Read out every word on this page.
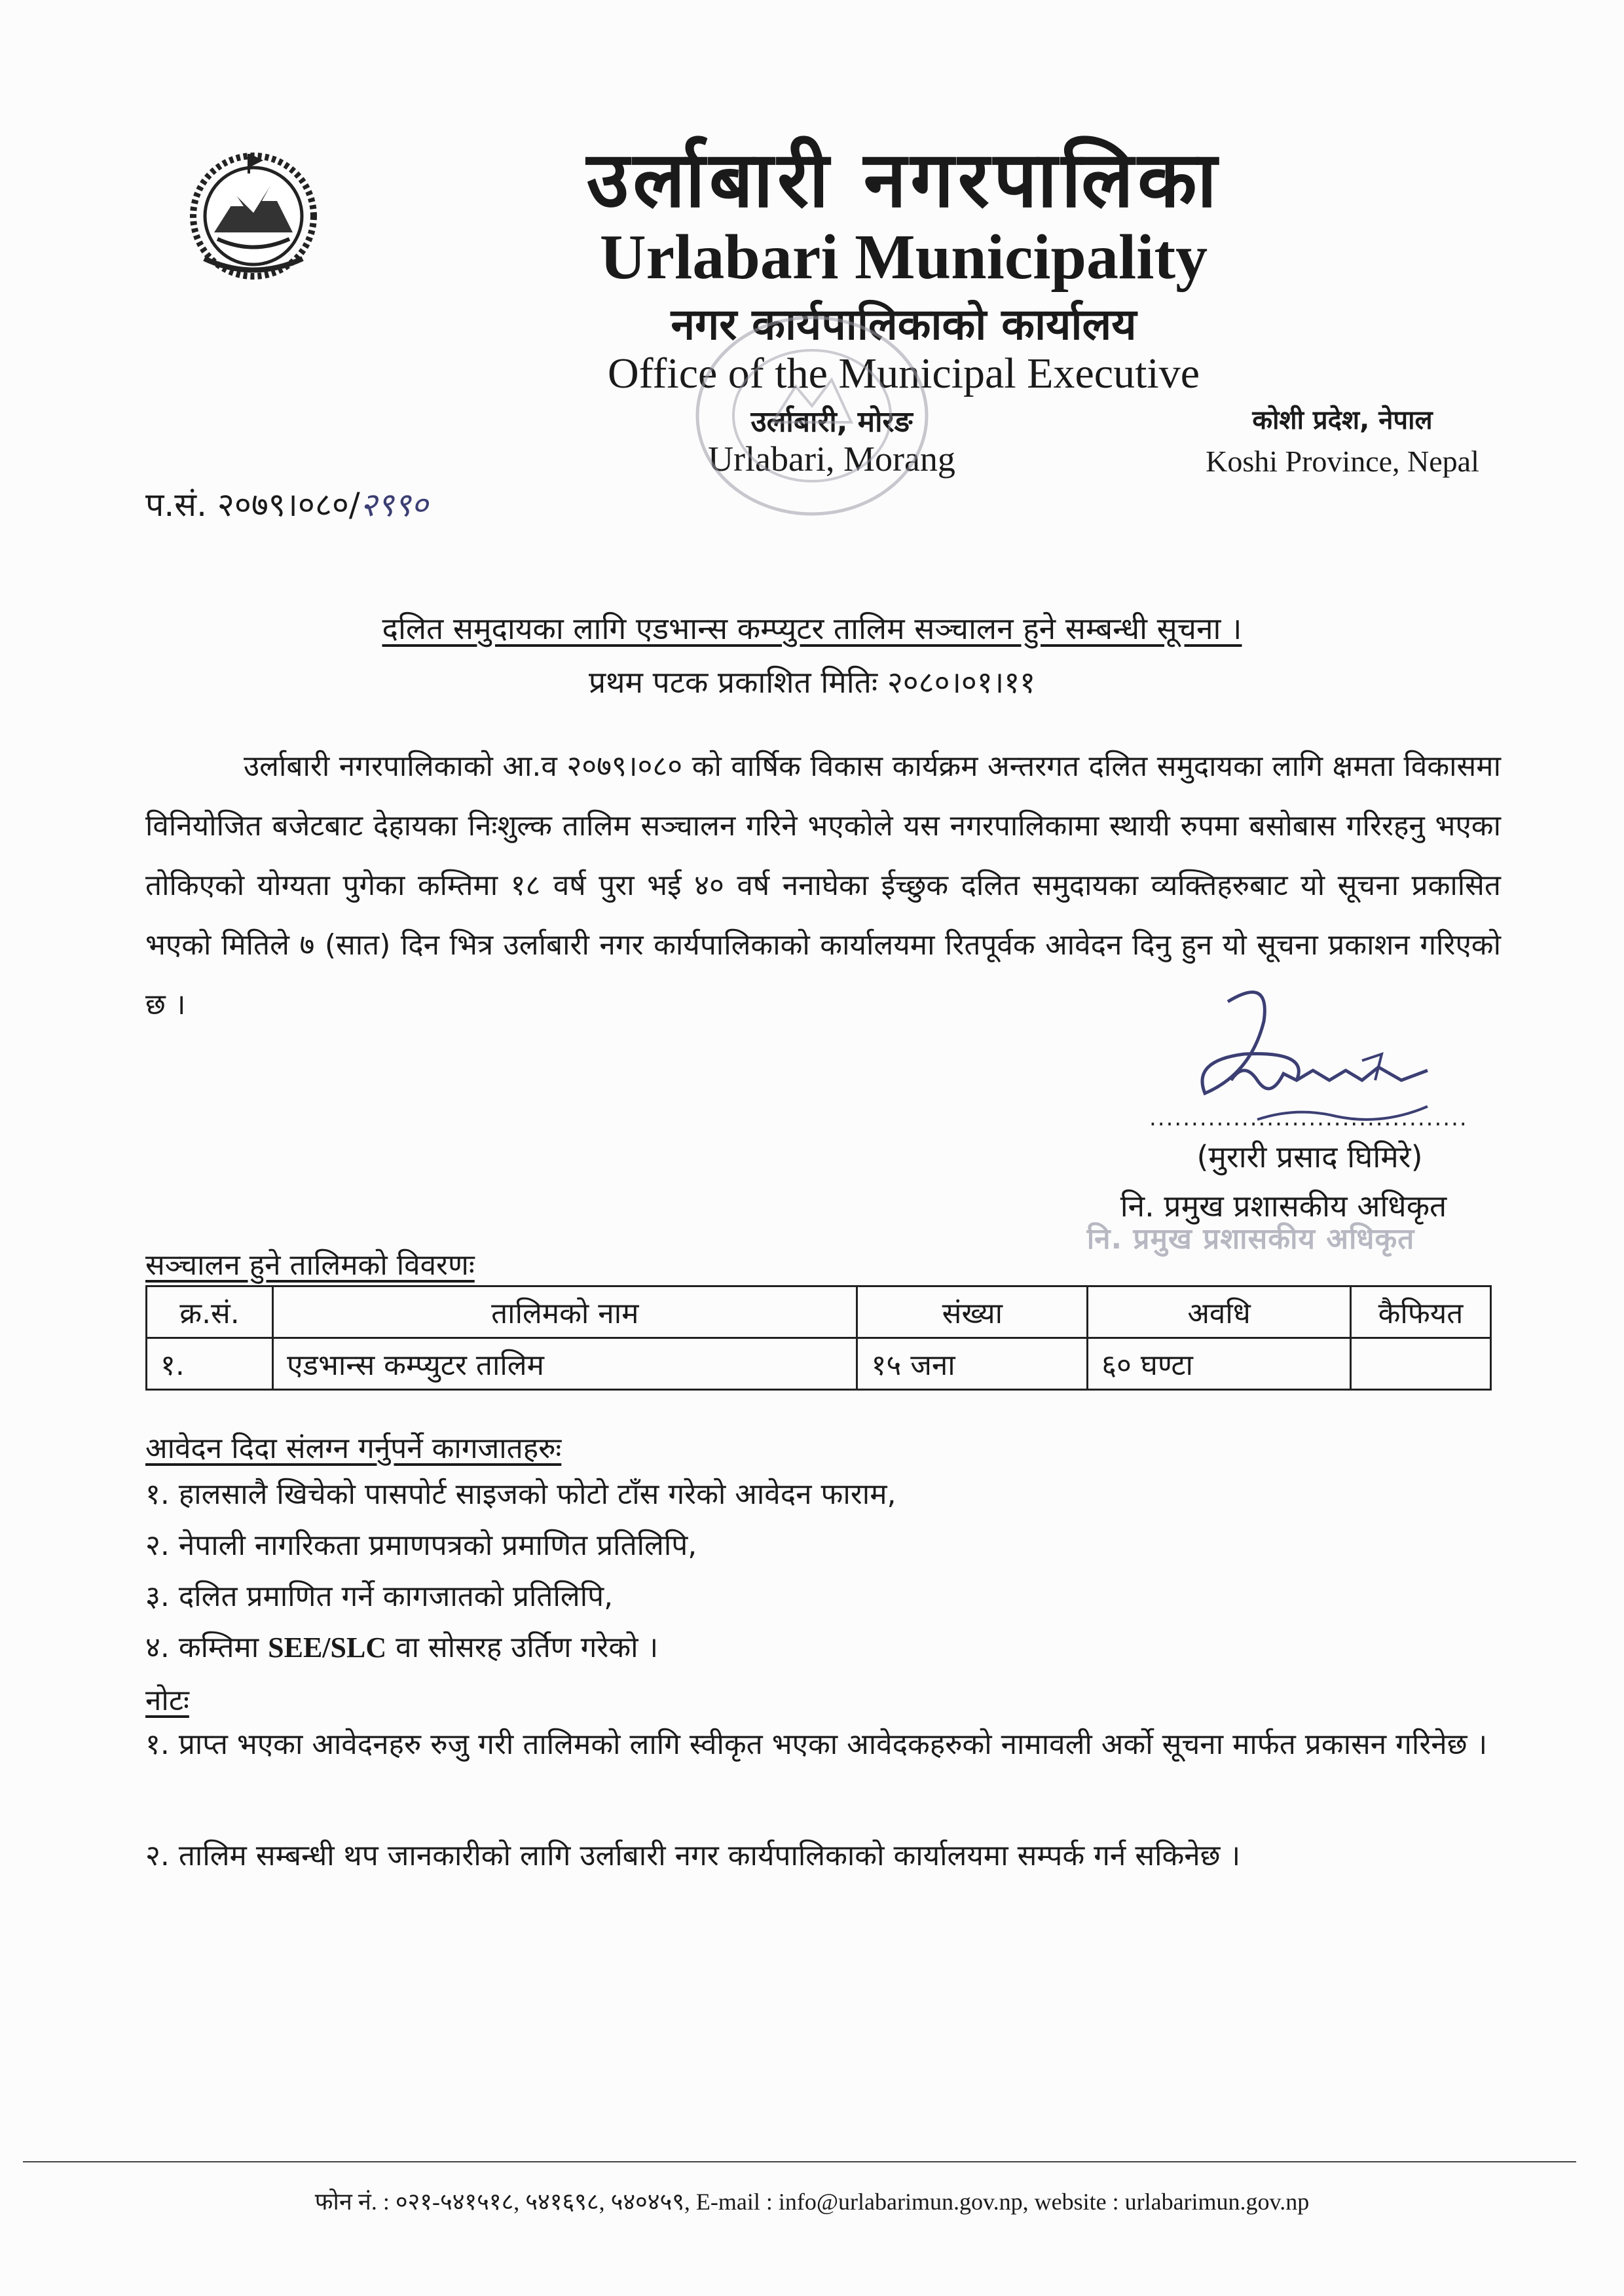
उर्लाबारी नगरपालिका
Urlabari Municipality
नगर कार्यपालिकाको कार्यालय
Office of the Municipal Executive
उर्लाबारी, मोरङ
Urlabari, Morang
कोशी प्रदेश, नेपाल
Koshi Province, Nepal
प.सं. २०७९।०८०/२९९०
दलित समुदायका लागि एडभान्स कम्प्युटर तालिम सञ्चालन हुने सम्बन्धी सूचना ।
प्रथम पटक प्रकाशित मितिः २०८०।०१।११
उर्लाबारी नगरपालिकाको आ.व २०७९।०८० को वार्षिक विकास कार्यक्रम अन्तरगत दलित समुदायका लागि क्षमता विकासमा विनियोजित बजेटबाट देहायका निःशुल्क तालिम सञ्चालन गरिने भएकोले यस नगरपालिकामा स्थायी रुपमा बसोबास गरिरहनु भएका तोकिएको योग्यता पुगेका कम्तिमा १८ वर्ष पुरा भई ४० वर्ष ननाघेका ईच्छुक दलित समुदायका व्यक्तिहरुबाट यो सूचना प्रकासित भएको मितिले ७ (सात) दिन भित्र उर्लाबारी नगर कार्यपालिकाको कार्यालयमा रितपूर्वक आवेदन दिनु हुन यो सूचना प्रकाशन गरिएको छ ।
......................................
(मुरारी प्रसाद घिमिरे)
नि. प्रमुख प्रशासकीय अधिकृत
नि. प्रमुख प्रशासकीय अधिकृत
सञ्चालन हुने तालिमको विवरणः
क्र.सं.	तालिमको नाम	संख्या	अवधि	कैफियत
१.	एडभान्स कम्प्युटर तालिम	१५ जना	६० घण्टा	
आवेदन दिदा संलग्न गर्नुपर्ने कागजातहरुः
१. हालसालै खिचेको पासपोर्ट साइजको फोटो टाँस गरेको आवेदन फाराम,
२. नेपाली नागरिकता प्रमाणपत्रको प्रमाणित प्रतिलिपि,
३. दलित प्रमाणित गर्ने कागजातको प्रतिलिपि,
४. कम्तिमा SEE/SLC वा सोसरह उर्तिण गरेको ।
नोटः
१. प्राप्त भएका आवेदनहरु रुजु गरी तालिमको लागि स्वीकृत भएका आवेदकहरुको नामावली अर्को सूचना मार्फत प्रकासन गरिनेछ ।
२. तालिम सम्बन्धी थप जानकारीको लागि उर्लाबारी नगर कार्यपालिकाको कार्यालयमा सम्पर्क गर्न सकिनेछ ।
फोन नं. : ०२१-५४१५१८, ५४१६९८, ५४०४५९, E-mail : info@urlabarimun.gov.np, website : urlabarimun.gov.np
